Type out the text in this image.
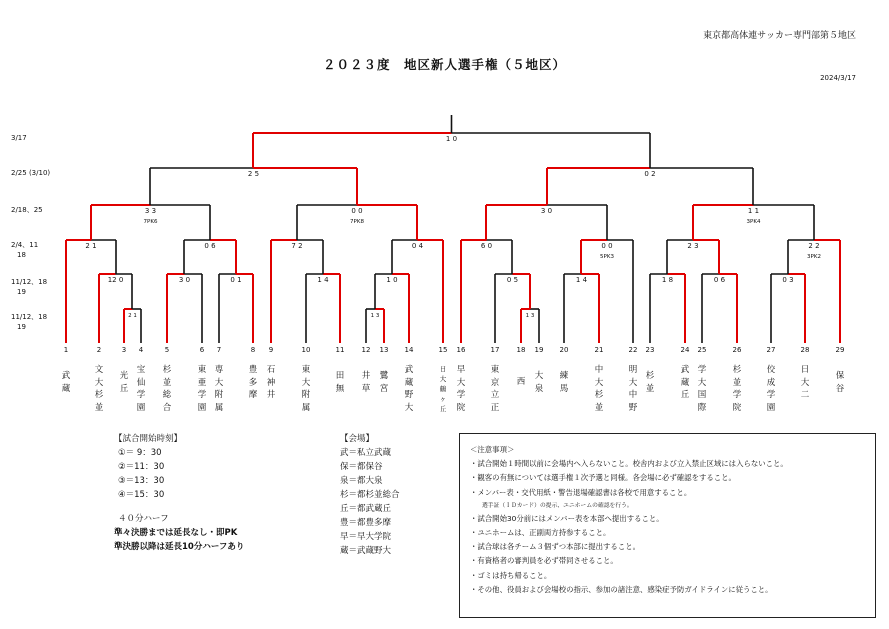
東京都高体連サッカー専門部第５地区
２０２３度　地区新人選手権（５地区）
2024/3/17
3/17
2/25 (3/10)
2/18、25
2/4、11
18
11/12、18
19
11/12、18
19
2 1	1 3	1 3
12 0	3 0	0 1	1 4	1 0	0 5	1 4	1 8	0 6	0 3
2 1	0 6	7 2	0 4	6 0	0 0
5PK3
2 3	2 2
3PK2
3 3
7PK6
0 0
7PK8
3 0	1 1
3PK4
2 5	0 2
1 0
1	2	3 4	5	6 7	8 9	10	11 12 13 14	15 16	17 18 19 20	21	22 23	24 25	26	27	28	29
武蔵
文大杉並
光丘
宝仙学園
杉並総合
東亜学園
専大附属
豊多摩
石神井
東大附属
田無
井草
鷺宮
武蔵野大
日大鶴ヶ丘
早大学院
東京立正
西
大泉
練馬
中大杉並
明大中野
杉並
武蔵丘
学大国際
杉並学院
佼成学園
日大二
保谷
【試合開始時刻】
①＝ 9：30
②＝11：30
③＝13：30
④＝15：30
４０分ハーフ
準々決勝までは延長なし・即PK
準決勝以降は延長10分ハーフあり
【会場】
武＝私立武蔵
保＝都保谷
泉＝都大泉
杉＝都杉並総合
丘＝都武蔵丘
豊＝都豊多摩
早＝早大学院
蔵＝武蔵野大
＜注意事項＞
・試合開始１時間以前に会場内へ入らないこと。校舎内および立入禁止区域には入らないこと。
・観客の有無については選手権１次予選と同様。各会場に必ず確認をすること。
・メンバー表・交代用紙・警告退場確認書は各校で用意すること。
選手証（ＩＤカード）の提示、ユニホームの確認を行う。
・試合開始30分前にはメンバー表を本部へ提出すること。
・ユニホームは、正副両方持参すること。
・試合球は各チーム３個ずつ本部に提出すること。
・有資格者の審判員を必ず帯同させること。
・ゴミは持ち帰ること。
・その他、役員および会場校の指示、参加の諸注意、感染症予防ガイドラインに従うこと。
